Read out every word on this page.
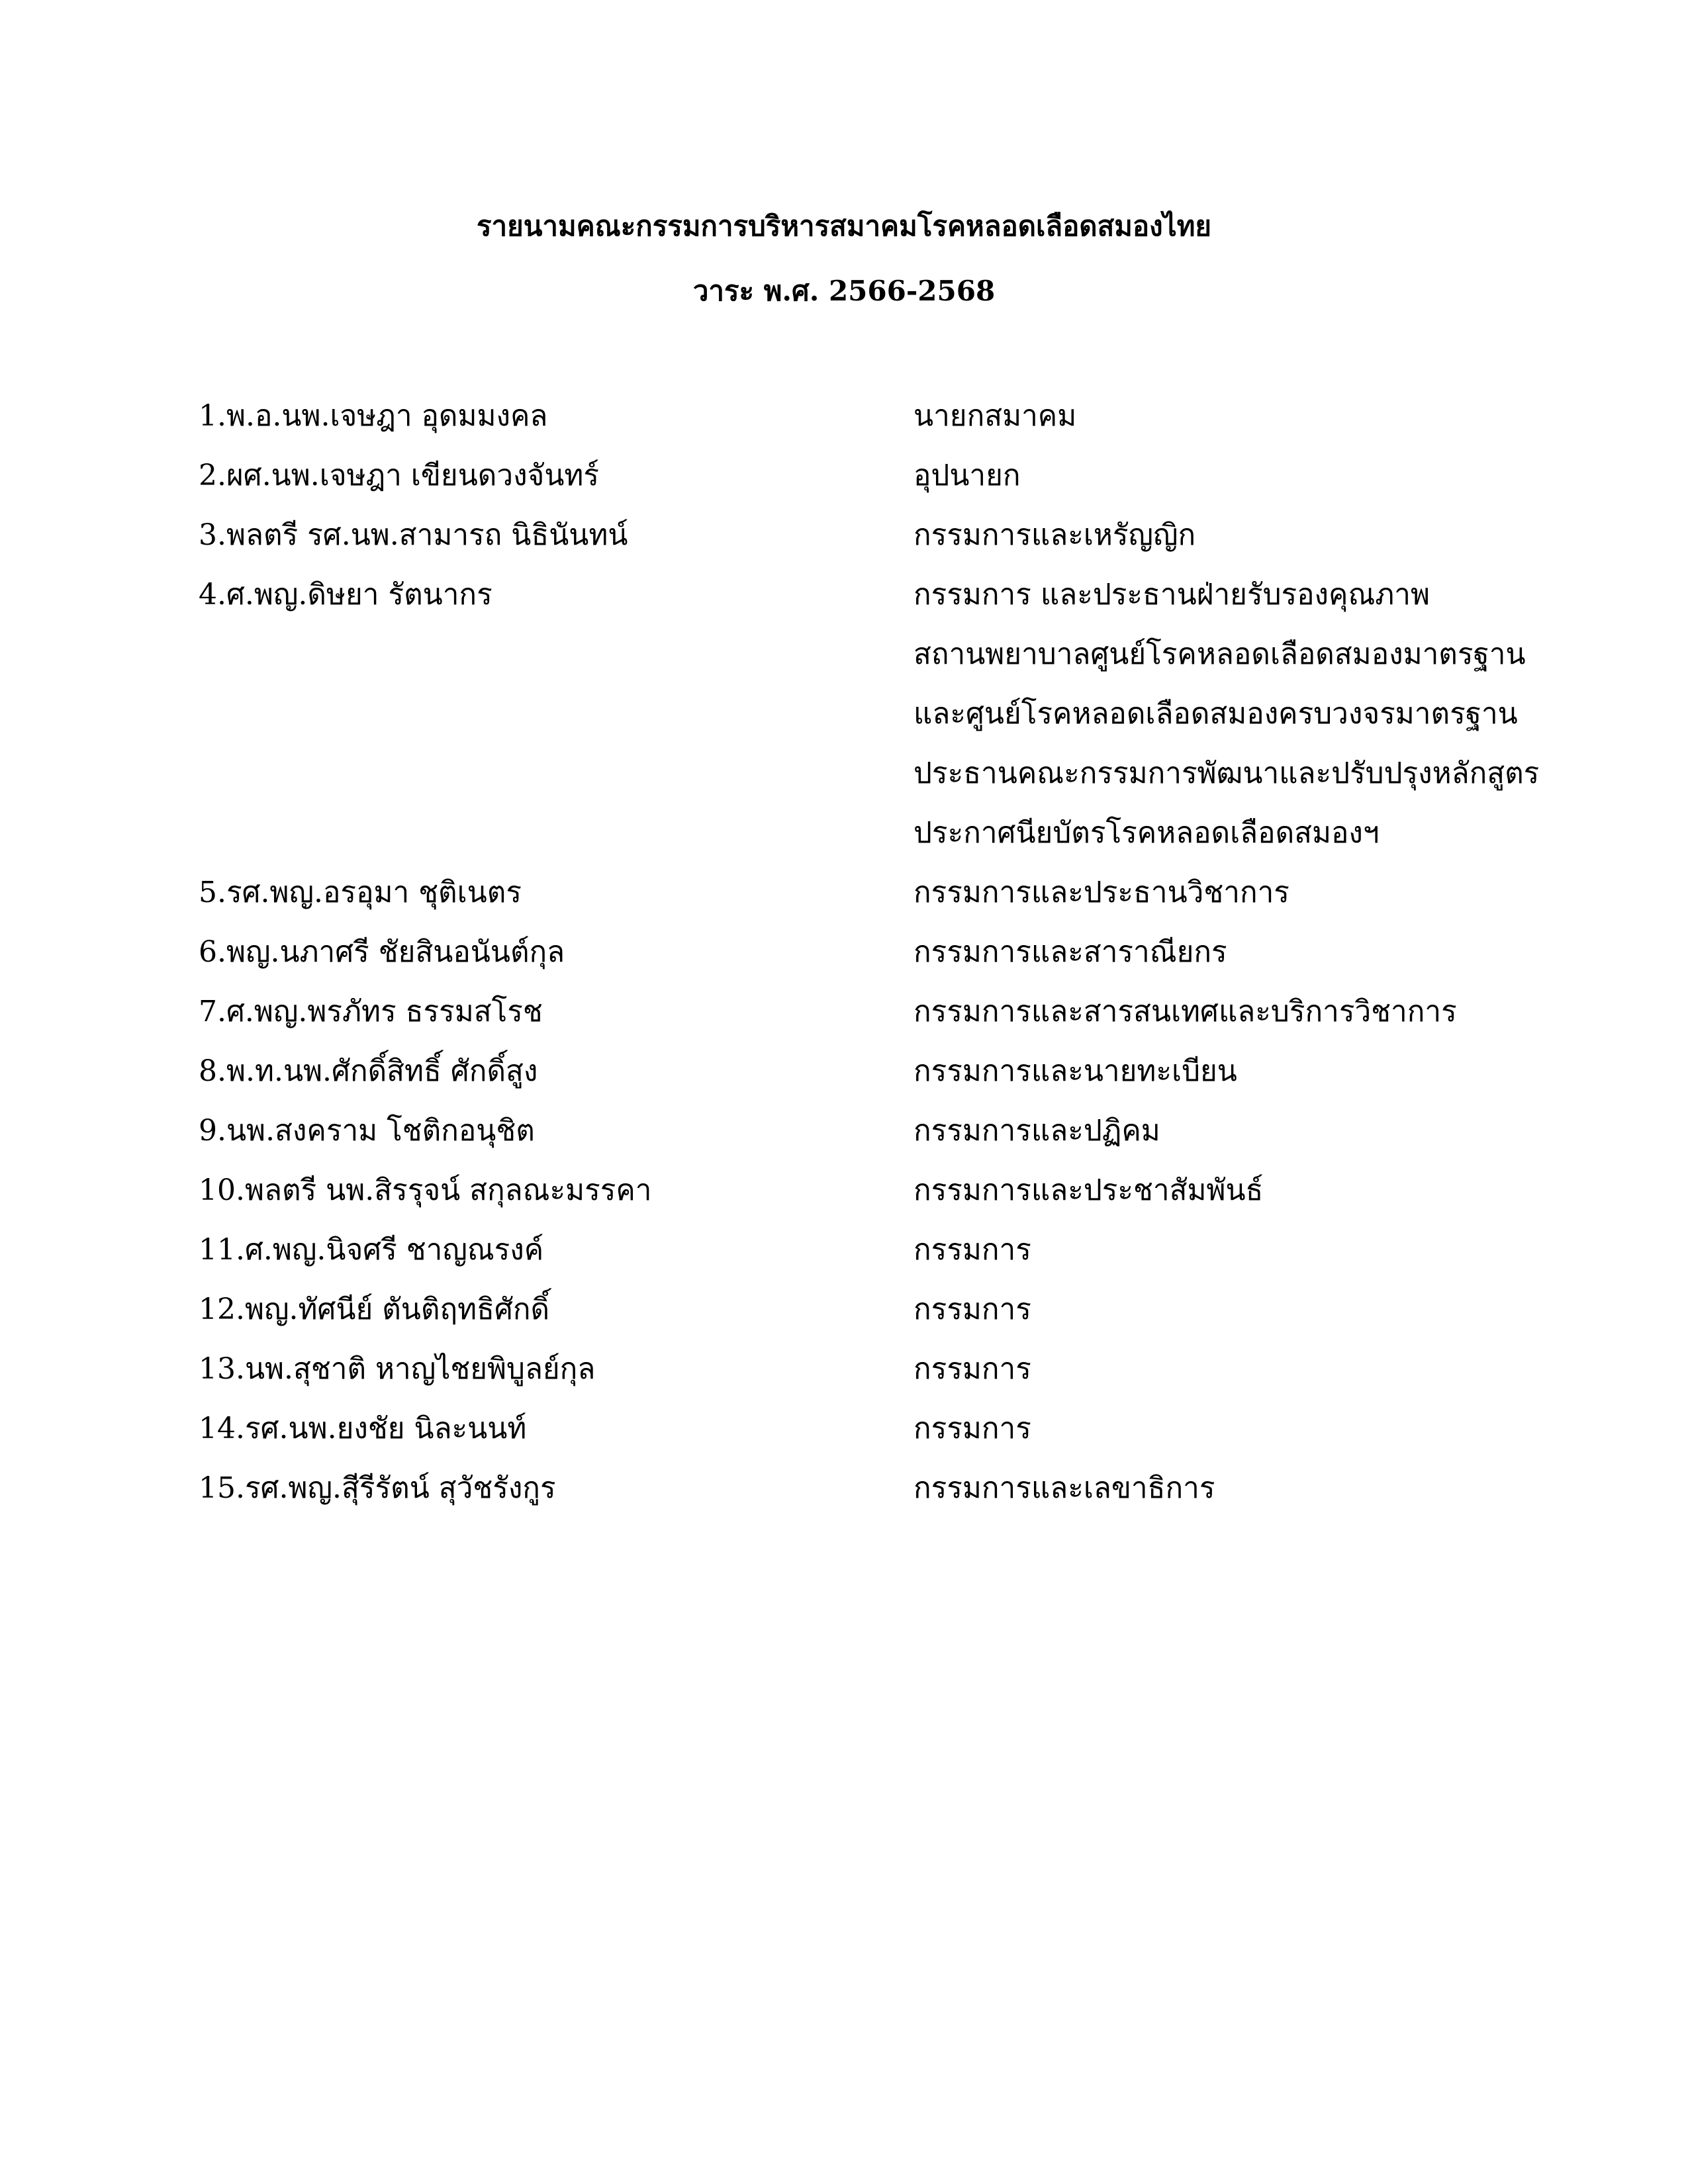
รายนามคณะกรรมการบริหารสมาคมโรคหลอดเลือดสมองไทย
วาระ พ.ศ. 2566-2568
1.พ.อ.นพ.เจษฎา อุดมมงคล	นายกสมาคม
2.ผศ.นพ.เจษฎา เขียนดวงจันทร์	อุปนายก
3.พลตรี รศ.นพ.สามารถ นิธินันทน์	กรรมการและเหรัญญิก
4.ศ.พญ.ดิษยา รัตนากร	กรรมการ และประธานฝ่ายรับรองคุณภาพ
สถานพยาบาลศูนย์โรคหลอดเลือดสมองมาตรฐาน
และศูนย์โรคหลอดเลือดสมองครบวงจรมาตรฐาน
ประธานคณะกรรมการพัฒนาและปรับปรุงหลักสูตร
ประกาศนียบัตรโรคหลอดเลือดสมองฯ
5.รศ.พญ.อรอุมา ชุติเนตร	กรรมการและประธานวิชาการ
6.พญ.นภาศรี ชัยสินอนันต์กุล	กรรมการและสาราณียกร
7.ศ.พญ.พรภัทร ธรรมสโรช	กรรมการและสารสนเทศและบริการวิชาการ
8.พ.ท.นพ.ศักดิ์สิทธิ์ ศักดิ์สูง	กรรมการและนายทะเบียน
9.นพ.สงคราม โชติกอนุชิต	กรรมการและปฏิคม
10.พลตรี นพ.สิรรุจน์ สกุลณะมรรคา	กรรมการและประชาสัมพันธ์
11.ศ.พญ.นิจศรี ชาญณรงค์	กรรมการ
12.พญ.ทัศนีย์ ตันติฤทธิศักดิ์	กรรมการ
13.นพ.สุชาติ หาญไชยพิบูลย์กุล	กรรมการ
14.รศ.นพ.ยงชัย นิละนนท์	กรรมการ
15.รศ.พญ.สุีรีรัตน์ สุวัชรังกูร	กรรมการและเลขาธิการ
